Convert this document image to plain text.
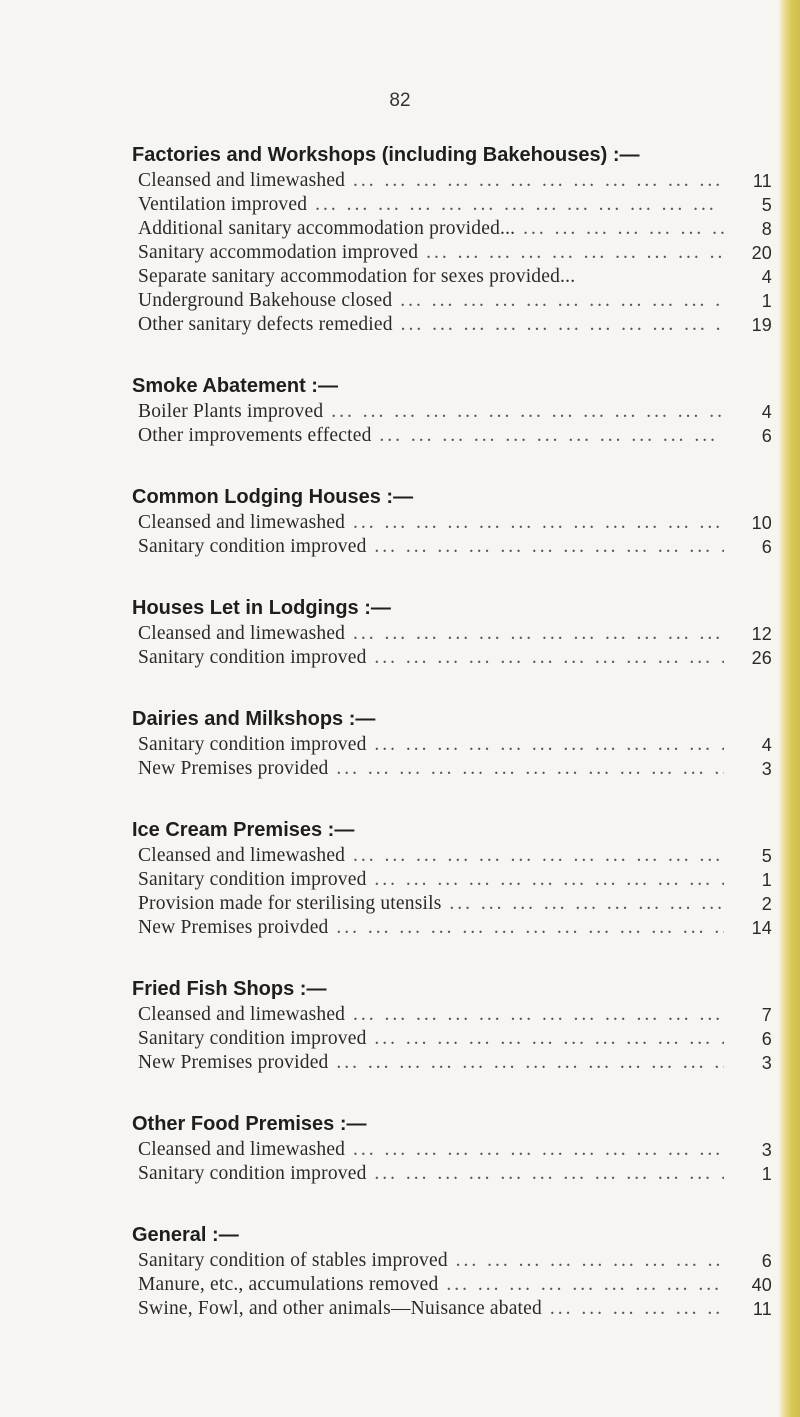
82
Factories and Workshops (including Bakehouses) :—
Cleansed and limewashed ...	11
Ventilation improved ...	5
Additional sanitary accommodation provided... ...	8
Sanitary accommodation improved ...	20
Separate sanitary accommodation for sexes provided...	4
Underground Bakehouse closed ...	1
Other sanitary defects remedied ...	19
Smoke Abatement :—
Boiler Plants improved ...	4
Other improvements effected ...	6
Common Lodging Houses :—
Cleansed and limewashed ...	10
Sanitary condition improved ...	6
Houses Let in Lodgings :—
Cleansed and limewashed ...	12
Sanitary condition improved ...	26
Dairies and Milkshops :—
Sanitary condition improved ...	4
New Premises provided ...	3
Ice Cream Premises :—
Cleansed and limewashed ...	5
Sanitary condition improved ...	1
Provision made for sterilising utensils ...	2
New Premises proivded ...	14
Fried Fish Shops :—
Cleansed and limewashed ...	7
Sanitary condition improved ...	6
New Premises provided ...	3
Other Food Premises :—
Cleansed and limewashed ...	3
Sanitary condition improved ...	1
General :—
Sanitary condition of stables improved ...	6
Manure, etc., accumulations removed ...	40
Swine, Fowl, and other animals—Nuisance abated ...	11
